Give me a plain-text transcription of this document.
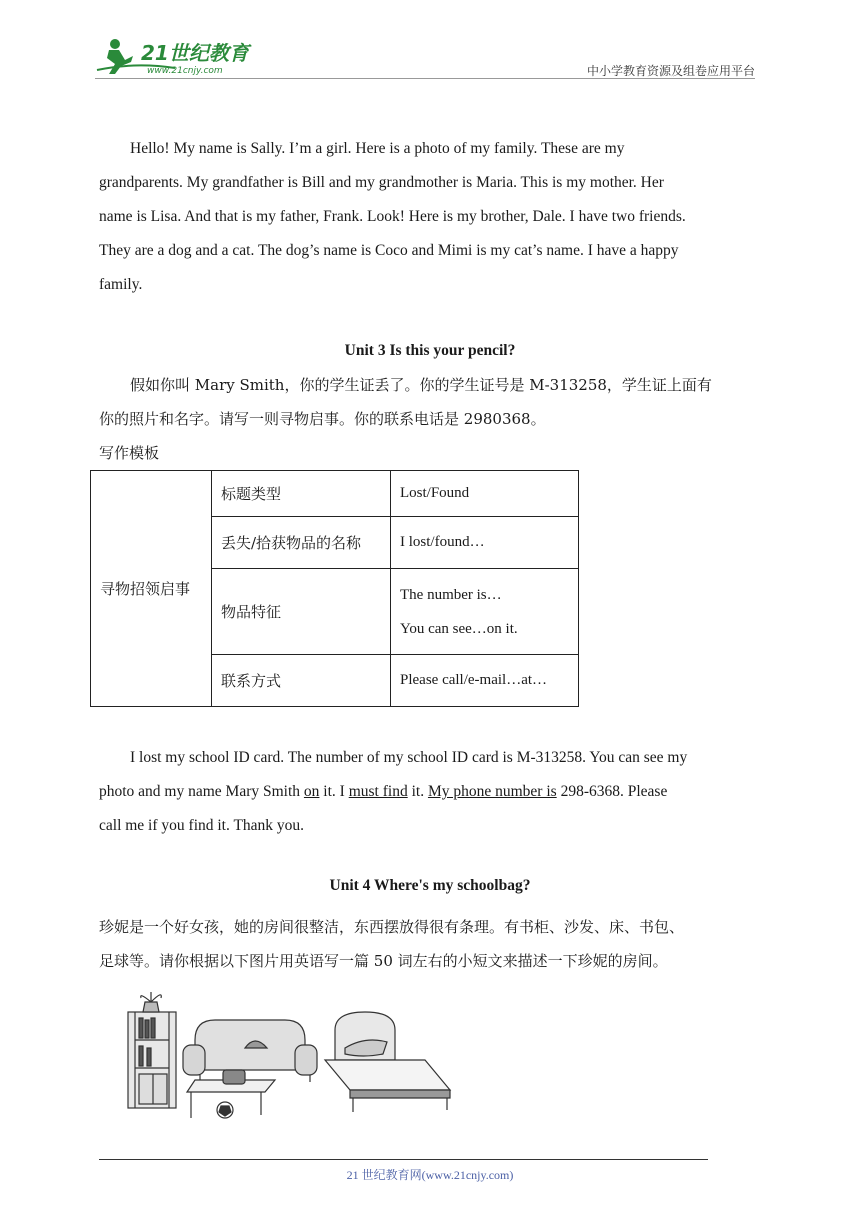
21世纪教育
www.21cnjy.com	中小学教育资源及组卷应用平台
Hello! My name is Sally. I’m a girl. Here is a photo of my family. These are my
grandparents. My grandfather is Bill and my grandmother is Maria. This is my mother. Her
name is Lisa. And that is my father, Frank. Look! Here is my brother, Dale. I have two friends.
They are a dog and a cat. The dog’s name is Coco and Mimi is my cat’s name. I have a happy
family.
Unit 3 Is this your pencil?
假如你叫 Mary Smith，你的学生证丢了。你的学生证号是 M-313258，学生证上面有
你的照片和名字。请写一则寻物启事。你的联系电话是 2980368。
写作模板
寻物招领启事	标题类型	Lost/Found
	丢失/拾获物品的名称	I lost/found…
	物品特征	The number is…
You can see…on it.

	联系方式	Please call/e-mail…at…
I lost my school ID card. The number of my school ID card is M-313258. You can see my
photo and my name Mary Smith on it. I must find it. My phone number is 298-6368. Please
call me if you find it. Thank you.
Unit 4 Where's my schoolbag?
珍妮是一个好女孩，她的房间很整洁，东西摆放得很有条理。有书柜、沙发、床、书包、
足球等。请你根据以下图片用英语写一篇 50 词左右的小短文来描述一下珍妮的房间。
21 世纪教育网(www.21cnjy.com)
